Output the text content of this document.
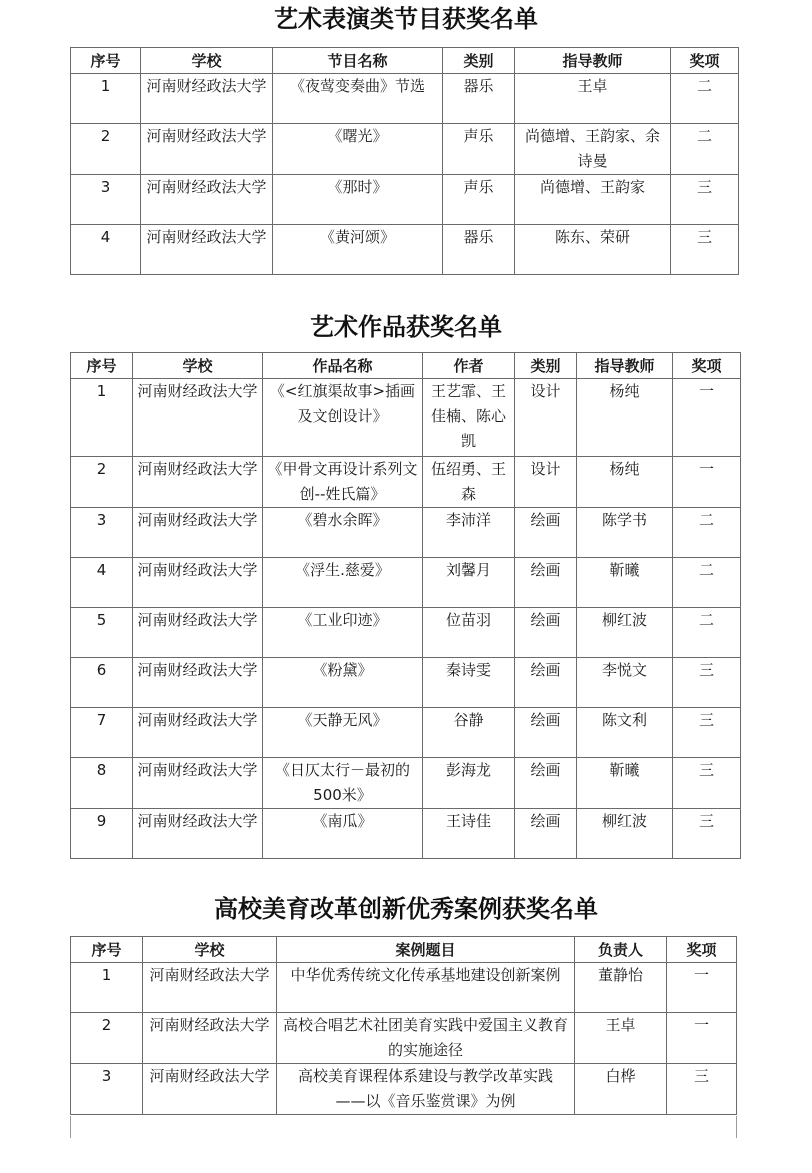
艺术表演类节目获奖名单
序号	学校	节目名称	类别	指导教师	奖项
1	河南财经政法大学	《夜莺变奏曲》节选	器乐	王卓	二
2	河南财经政法大学	《曙光》	声乐	尚德增、王韵家、余诗曼	二
3	河南财经政法大学	《那时》	声乐	尚德增、王韵家	三
4	河南财经政法大学	《黄河颂》	器乐	陈东、荣研	三
艺术作品获奖名单
序号	学校	作品名称	作者	类别	指导教师	奖项
1	河南财经政法大学	《<红旗渠故事>插画及文创设计》	王艺霏、王佳楠、陈心凯	设计	杨纯	一
2	河南财经政法大学	《甲骨文再设计系列文创--姓氏篇》	伍绍勇、王森	设计	杨纯	一
3	河南财经政法大学	《碧水余晖》	李沛洋	绘画	陈学书	二
4	河南财经政法大学	《浮生.慈爱》	刘馨月	绘画	靳曦	二
5	河南财经政法大学	《工业印迹》	位苗羽	绘画	柳红波	二
6	河南财经政法大学	《粉黛》	秦诗雯	绘画	李悦文	三
7	河南财经政法大学	《天静无风》	谷静	绘画	陈文利	三
8	河南财经政法大学	《日仄太行－最初的500米》	彭海龙	绘画	靳曦	三
9	河南财经政法大学	《南瓜》	王诗佳	绘画	柳红波	三
高校美育改革创新优秀案例获奖名单
序号	学校	案例题目	负责人	奖项
1	河南财经政法大学	中华优秀传统文化传承基地建设创新案例	董静怡	一
2	河南财经政法大学	高校合唱艺术社团美育实践中爱国主义教育的实施途径	王卓	一
3	河南财经政法大学	高校美育课程体系建设与教学改革实践 ——以《音乐鉴赏课》为例	白桦	三
